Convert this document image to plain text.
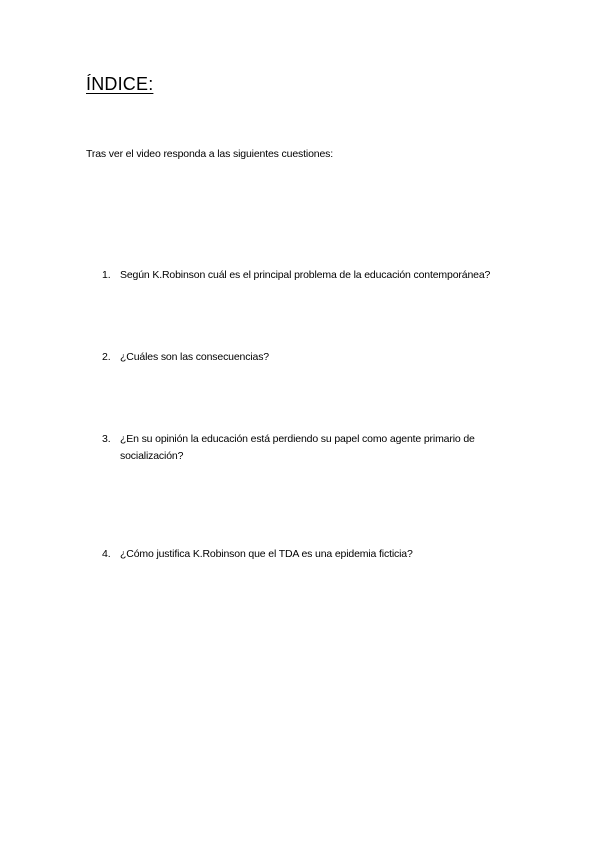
ÍNDICE:

Tras ver el video responda a las siguientes cuestiones:

1. Según K.Robinson cuál es el principal problema de la educación contemporánea?
2. ¿Cuáles son las consecuencias?
3. ¿En su opinión la educación está perdiendo su papel como agente primario de socialización?
4. ¿Cómo justifica K.Robinson que el TDA es una epidemia ficticia?
